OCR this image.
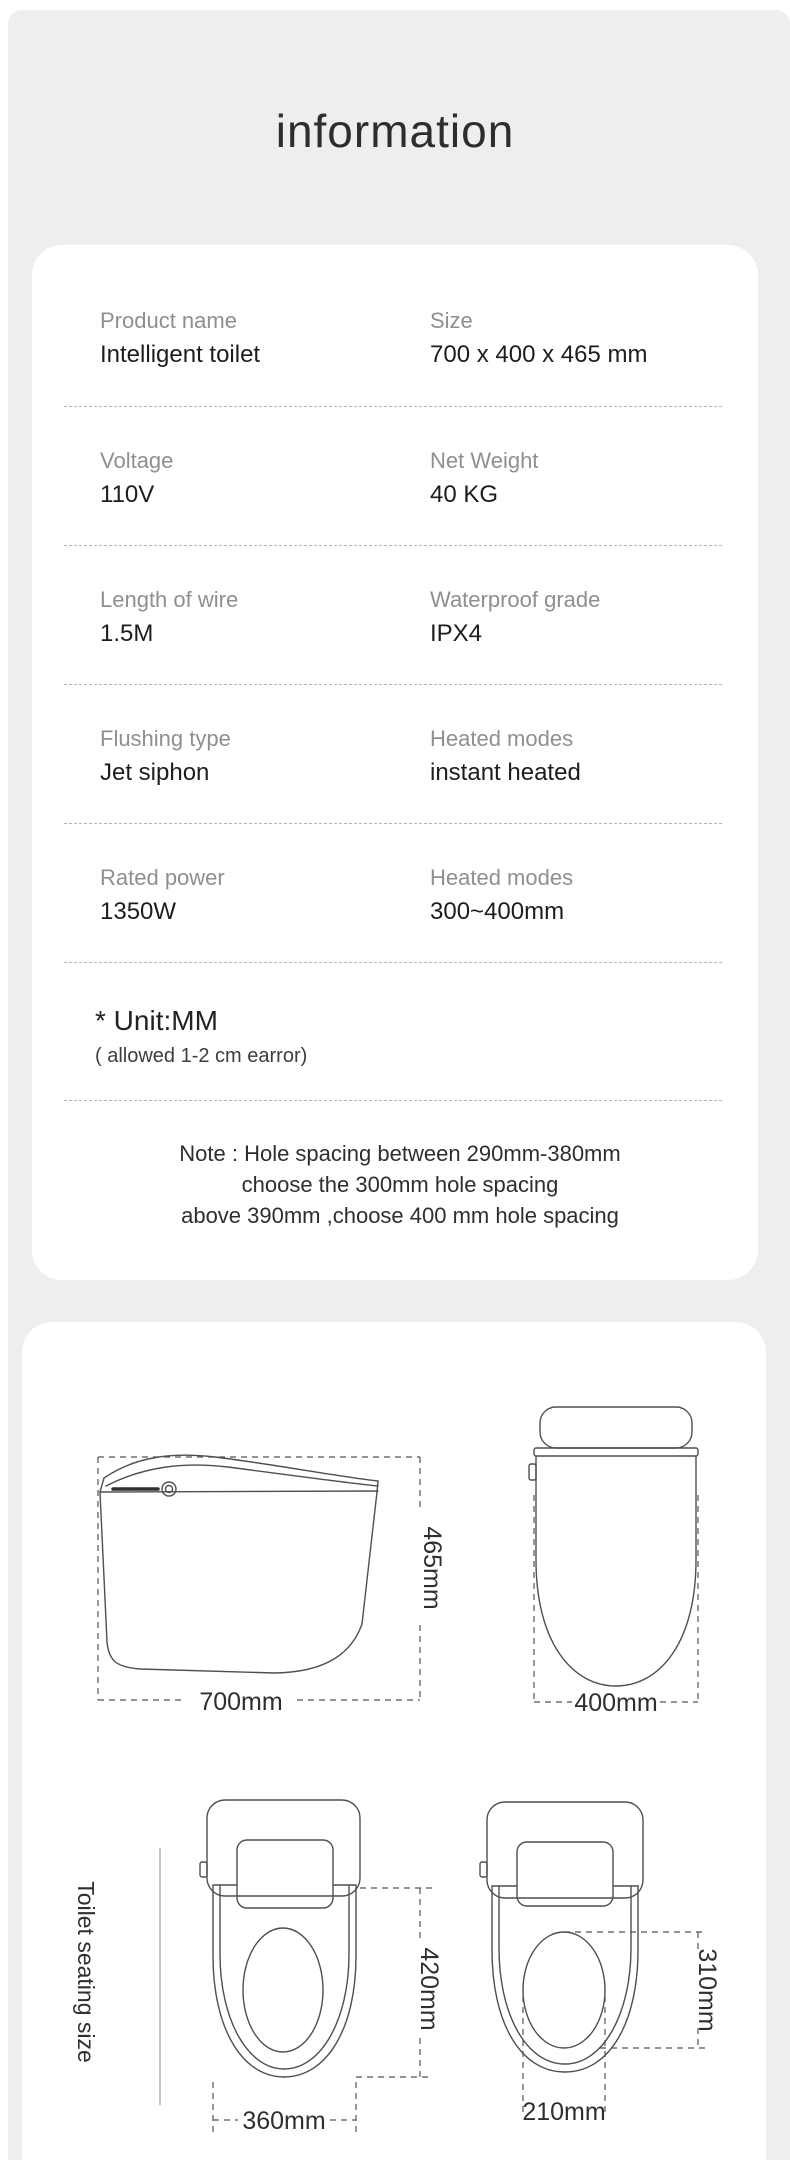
information
Product name
Intelligent toilet
Size
700 x 400 x 465 mm
Voltage
110V
Net Weight
40 KG
Length of wire
1.5M
Waterproof grade
IPX4
Flushing type
Jet siphon
Heated modes
instant heated
Rated power
1350W
Heated modes
300~400mm
* Unit:MM
( allowed 1-2 cm earror)
Note : Hole spacing between 290mm-380mm
choose the 300mm hole spacing
above 390mm ,choose 400 mm hole spacing
700mm
465mm
400mm
Toilet seating size	420mm
360mm
310mm
210mm
